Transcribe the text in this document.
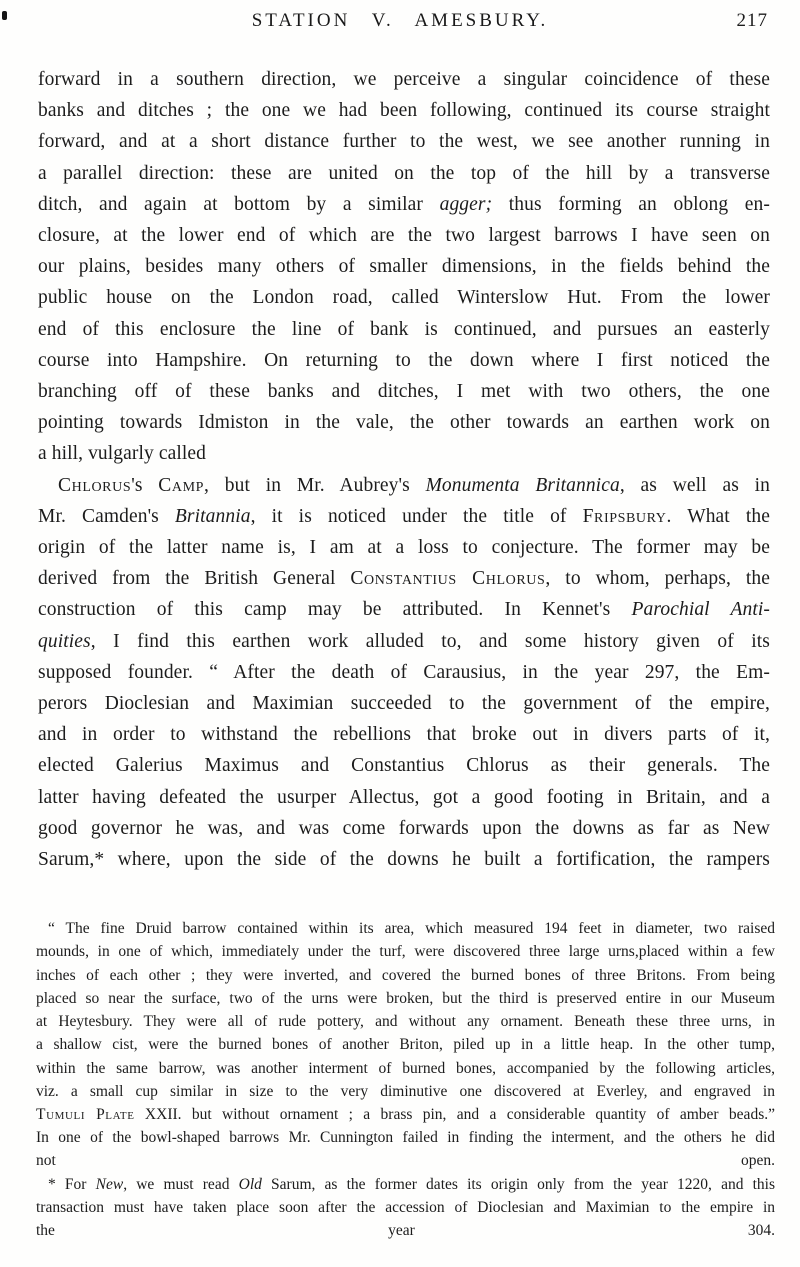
STATION V. AMESBURY.	217
forward in a southern direction, we perceive a singular coincidence of these
banks and ditches ; the one we had been following, continued its course straight
forward, and at a short distance further to the west, we see another running in
a parallel direction: these are united on the top of the hill by a transverse
ditch, and again at bottom by a similar agger; thus forming an oblong en-
closure, at the lower end of which are the two largest barrows I have seen on
our plains, besides many others of smaller dimensions, in the fields behind the
public house on the London road, called Winterslow Hut. From the lower
end of this enclosure the line of bank is continued, and pursues an easterly
course into Hampshire. On returning to the down where I first noticed the
branching off of these banks and ditches, I met with two others, the one
pointing towards Idmiston in the vale, the other towards an earthen work on
a hill, vulgarly called
Chlorus's Camp, but in Mr. Aubrey's Monumenta Britannica, as well as in
Mr. Camden's Britannia, it is noticed under the title of Fripsbury. What the
origin of the latter name is, I am at a loss to conjecture. The former may be
derived from the British General Constantius Chlorus, to whom, perhaps, the
construction of this camp may be attributed. In Kennet's Parochial Anti-
quities, I find this earthen work alluded to, and some history given of its
supposed founder. “ After the death of Carausius, in the year 297, the Em-
perors Dioclesian and Maximian succeeded to the government of the empire,
and in order to withstand the rebellions that broke out in divers parts of it,
elected Galerius Maximus and Constantius Chlorus as their generals. The
latter having defeated the usurper Allectus, got a good footing in Britain, and a
good governor he was, and was come forwards upon the downs as far as New
Sarum,* where, upon the side of the downs he built a fortification, the rampers
“ The fine Druid barrow contained within its area, which measured 194 feet in diameter, two raised
mounds, in one of which, immediately under the turf, were discovered three large urns,placed within a few
inches of each other ; they were inverted, and covered the burned bones of three Britons. From being
placed so near the surface, two of the urns were broken, but the third is preserved entire in our Museum
at Heytesbury. They were all of rude pottery, and without any ornament. Beneath these three urns, in
a shallow cist, were the burned bones of another Briton, piled up in a little heap. In the other tump,
within the same barrow, was another interment of burned bones, accompanied by the following articles,
viz. a small cup similar in size to the very diminutive one discovered at Everley, and engraved in
Tumuli Plate XXII. but without ornament ; a brass pin, and a considerable quantity of amber beads.”
In one of the bowl-shaped barrows Mr. Cunnington failed in finding the interment, and the others he did
not open.
* For New, we must read Old Sarum, as the former dates its origin only from the year 1220, and this
transaction must have taken place soon after the accession of Dioclesian and Maximian to the empire in
the year 304.
